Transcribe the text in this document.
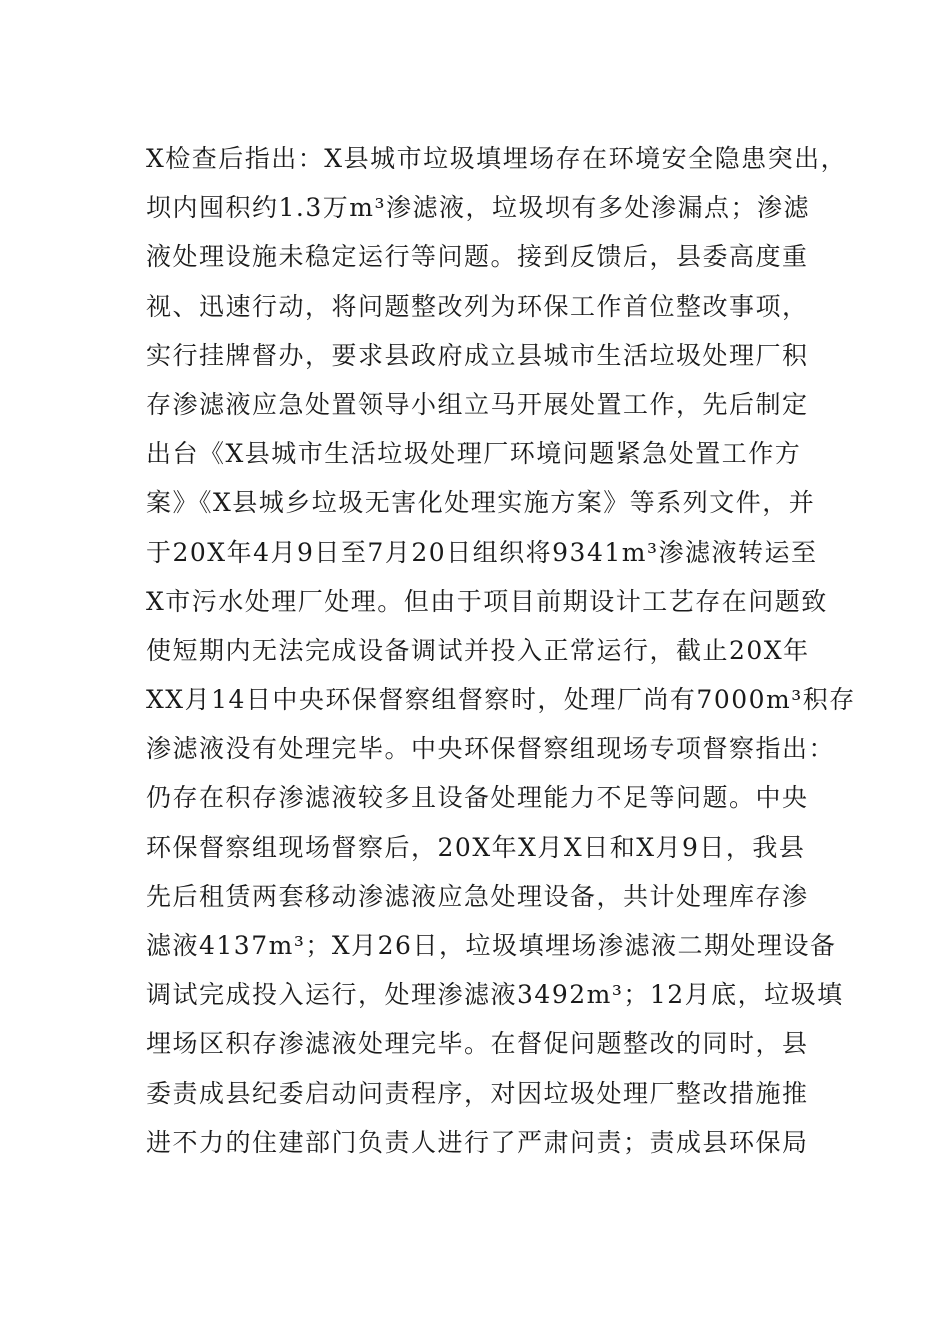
X检查后指出：X县城市垃圾填埋场存在环境安全隐患突出，
坝内囤积约1.3万m³渗滤液，垃圾坝有多处渗漏点；渗滤
液处理设施未稳定运行等问题。接到反馈后，县委高度重
视、迅速行动，将问题整改列为环保工作首位整改事项，
实行挂牌督办，要求县政府成立县城市生活垃圾处理厂积
存渗滤液应急处置领导小组立马开展处置工作，先后制定
出台《X县城市生活垃圾处理厂环境问题紧急处置工作方
案》《X县城乡垃圾无害化处理实施方案》等系列文件，并
于20X年4月9日至7月20日组织将9341m³渗滤液转运至
X市污水处理厂处理。但由于项目前期设计工艺存在问题致
使短期内无法完成设备调试并投入正常运行，截止20X年
XX月14日中央环保督察组督察时，处理厂尚有7000m³积存
渗滤液没有处理完毕。中央环保督察组现场专项督察指出：
仍存在积存渗滤液较多且设备处理能力不足等问题。中央
环保督察组现场督察后，20X年X月X日和X月9日，我县
先后租赁两套移动渗滤液应急处理设备，共计处理库存渗
滤液4137m³；X月26日，垃圾填埋场渗滤液二期处理设备
调试完成投入运行，处理渗滤液3492m³；12月底，垃圾填
埋场区积存渗滤液处理完毕。在督促问题整改的同时，县
委责成县纪委启动问责程序，对因垃圾处理厂整改措施推
进不力的住建部门负责人进行了严肃问责；责成县环保局
